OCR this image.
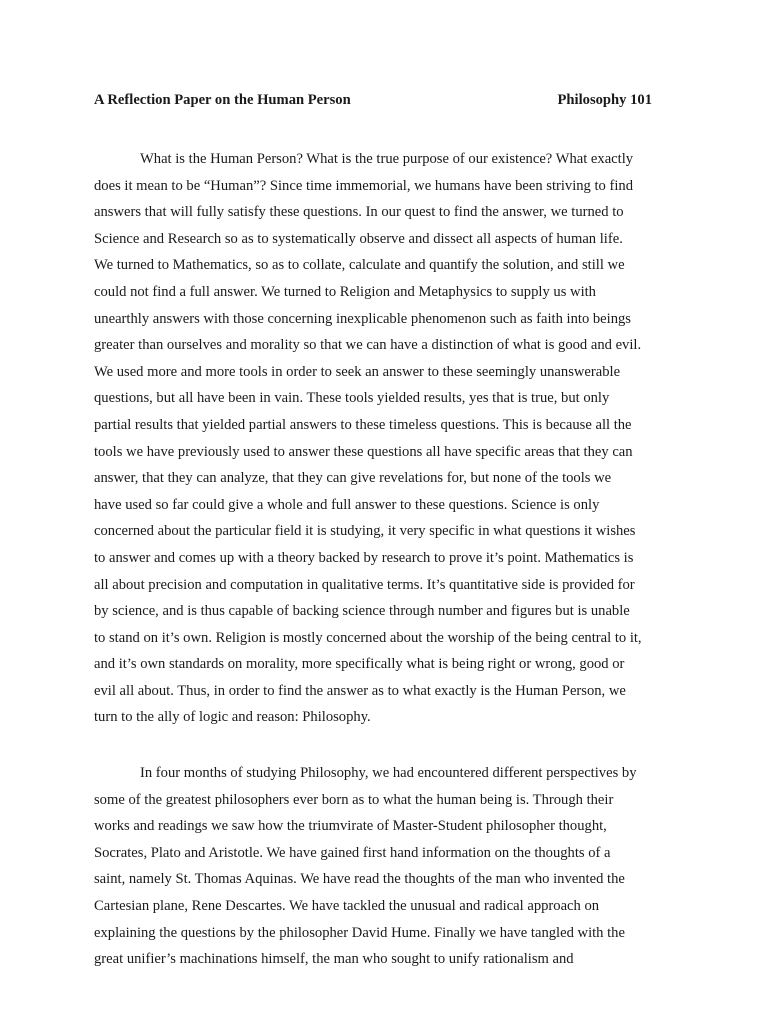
A Reflection Paper on the Human Person	Philosophy 101
What is the Human Person? What is the true purpose of our existence? What exactly
does it mean to be “Human”? Since time immemorial, we humans have been striving to find
answers that will fully satisfy these questions. In our quest to find the answer, we turned to
Science and Research so as to systematically observe and dissect all aspects of human life.
We turned to Mathematics, so as to collate, calculate and quantify the solution, and still we
could not find a full answer. We turned to Religion and Metaphysics to supply us with
unearthly answers with those concerning inexplicable phenomenon such as faith into beings
greater than ourselves and morality so that we can have a distinction of what is good and evil.
We used more and more tools in order to seek an answer to these seemingly unanswerable
questions, but all have been in vain. These tools yielded results, yes that is true, but only
partial results that yielded partial answers to these timeless questions. This is because all the
tools we have previously used to answer these questions all have specific areas that they can
answer, that they can analyze, that they can give revelations for, but none of the tools we
have used so far could give a whole and full answer to these questions. Science is only
concerned about the particular field it is studying, it very specific in what questions it wishes
to answer and comes up with a theory backed by research to prove it’s point. Mathematics is
all about precision and computation in qualitative terms. It’s quantitative side is provided for
by science, and is thus capable of backing science through number and figures but is unable
to stand on it’s own. Religion is mostly concerned about the worship of the being central to it,
and it’s own standards on morality, more specifically what is being right or wrong, good or
evil all about. Thus, in order to find the answer as to what exactly is the Human Person, we
turn to the ally of logic and reason: Philosophy.
In four months of studying Philosophy, we had encountered different perspectives by
some of the greatest philosophers ever born as to what the human being is. Through their
works and readings we saw how the triumvirate of Master-Student philosopher thought,
Socrates, Plato and Aristotle. We have gained first hand information on the thoughts of a
saint, namely St. Thomas Aquinas. We have read the thoughts of the man who invented the
Cartesian plane, Rene Descartes. We have tackled the unusual and radical approach on
explaining the questions by the philosopher David Hume. Finally we have tangled with the
great unifier’s machinations himself, the man who sought to unify rationalism and
